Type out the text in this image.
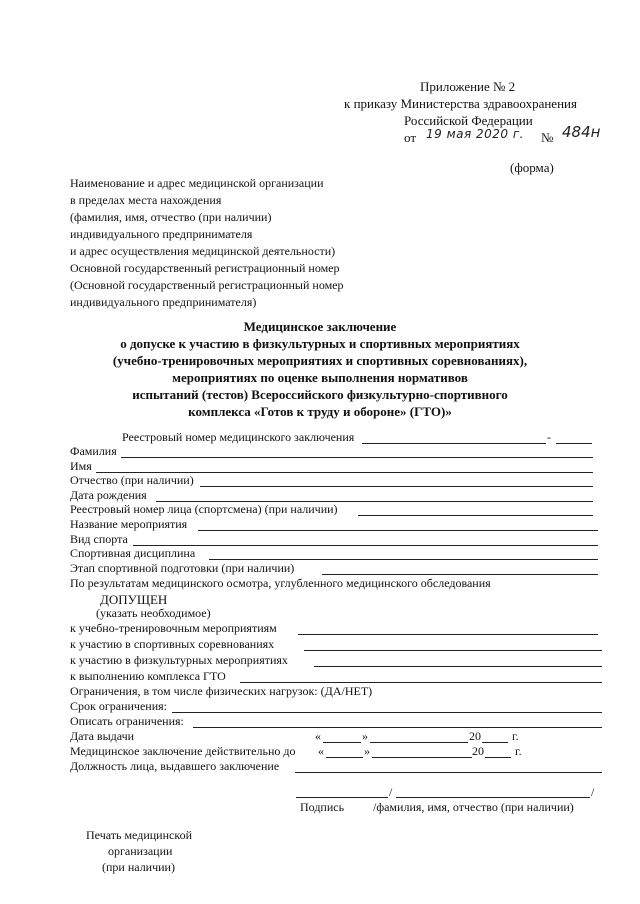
Приложение № 2
к приказу Министерства здравоохранения
Российской Федерации
от 19 мая 2020 г. № 484н
(форма)
Наименование и адрес медицинской организации
в пределах места нахождения
(фамилия, имя, отчество (при наличии)
индивидуального предпринимателя
и адрес осуществления медицинской деятельности)
Основной государственный регистрационный номер
(Основной государственный регистрационный номер
индивидуального предпринимателя)
Медицинское заключение
о допуске к участию в физкультурных и спортивных мероприятиях
(учебно-тренировочных мероприятиях и спортивных соревнованиях),
мероприятиях по оценке выполнения нормативов
испытаний (тестов) Всероссийского физкультурно-спортивного
комплекса «Готов к труду и обороне» (ГТО)»
Реестровый номер медицинского заключения	-
Фамилия
Имя
Отчество (при наличии)
Дата рождения
Реестровый номер лица (спортсмена) (при наличии)
Название мероприятия
Вид спорта
Спортивная дисциплина
Этап спортивной подготовки (при наличии)
По результатам медицинского осмотра, углубленного медицинского обследования
ДОПУЩЕН
(указать необходимое)
к учебно-тренировочным мероприятиям
к участию в спортивных соревнованиях
к участию в физкультурных мероприятиях
к выполнению комплекса ГТО
Ограничения, в том числе физических нагрузок: (ДА/НЕТ)
Срок ограничения:
Описать ограничения:
Дата выдачи	«	»	20	г.
Медицинское заключение действительно до «	»	20	г.
Должность лица, выдавшего заключение
/	/
Подпись /фамилия, имя, отчество (при наличии)
Печать медицинской
организации
(при наличии)
